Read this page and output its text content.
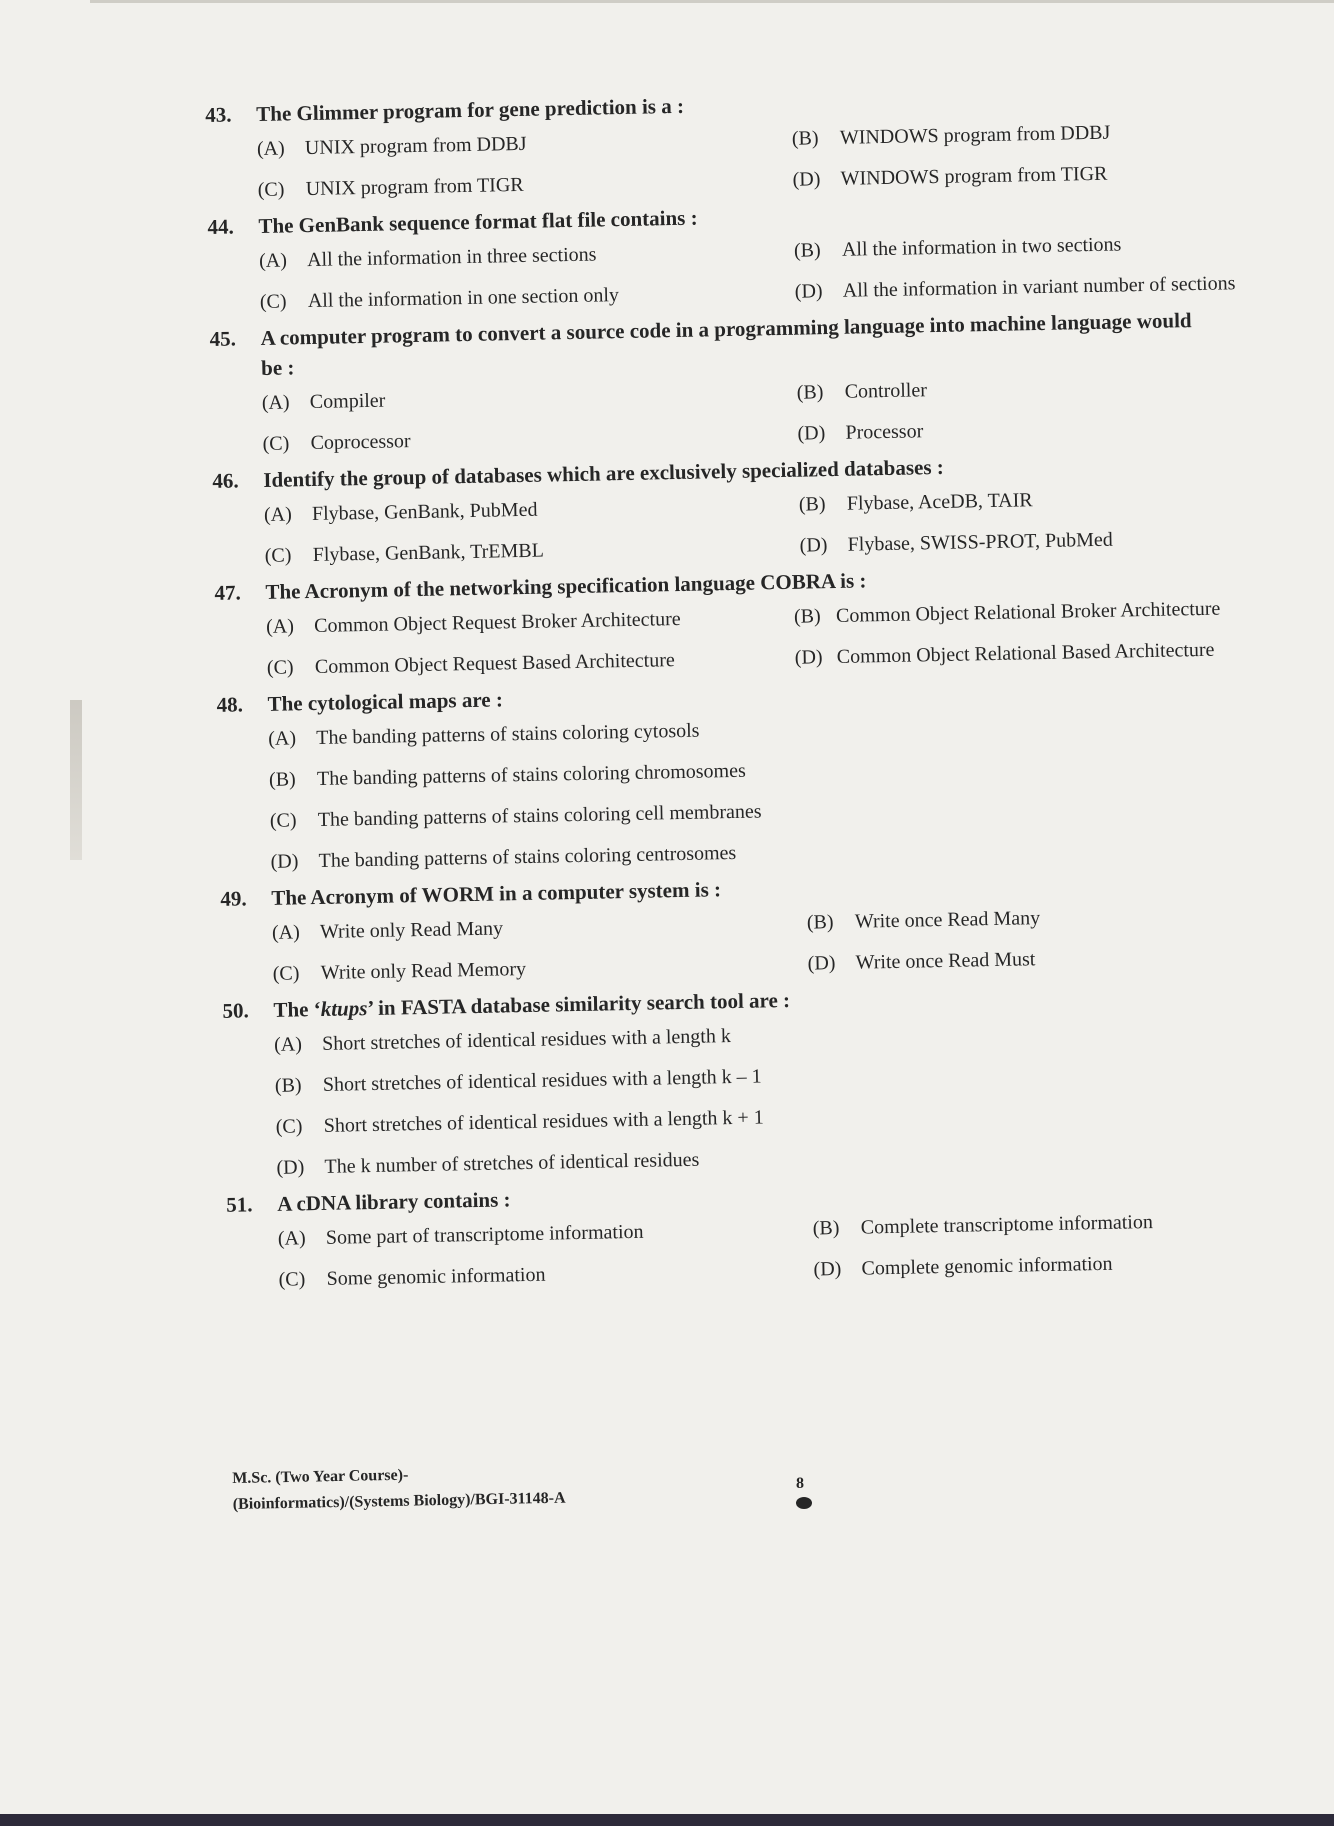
43. The Glimmer program for gene prediction is a :
(A) UNIX program from DDBJ	(B) WINDOWS program from DDBJ
(C) UNIX program from TIGR	(D) WINDOWS program from TIGR
44. The GenBank sequence format flat file contains :
(A) All the information in three sections	(B) All the information in two sections
(C) All the information in one section only	(D) All the information in variant number of sections
45. A computer program to convert a source code in a programming language into machine language would
be :
(A) Compiler	(B) Controller
(C) Coprocessor	(D) Processor
46. Identify the group of databases which are exclusively specialized databases :
(A) Flybase, GenBank, PubMed	(B) Flybase, AceDB, TAIR
(C) Flybase, GenBank, TrEMBL	(D) Flybase, SWISS-PROT, PubMed
47. The Acronym of the networking specification language COBRA is :
(A) Common Object Request Broker Architecture	(B) Common Object Relational Broker Architecture
(C) Common Object Request Based Architecture	(D) Common Object Relational Based Architecture
48. The cytological maps are :
(A) The banding patterns of stains coloring cytosols
(B) The banding patterns of stains coloring chromosomes
(C) The banding patterns of stains coloring cell membranes
(D) The banding patterns of stains coloring centrosomes
49. The Acronym of WORM in a computer system is :
(A) Write only Read Many	(B) Write once Read Many
(C) Write only Read Memory	(D) Write once Read Must
50. The ‘ktups’ in FASTA database similarity search tool are :
(A) Short stretches of identical residues with a length k
(B) Short stretches of identical residues with a length k – 1
(C) Short stretches of identical residues with a length k + 1
(D) The k number of stretches of identical residues
51. A cDNA library contains :
(A) Some part of transcriptome information	(B) Complete transcriptome information
(C) Some genomic information	(D) Complete genomic information
M.Sc. (Two Year Course)-
(Bioinformatics)/(Systems Biology)/BGI-31148-A
8
